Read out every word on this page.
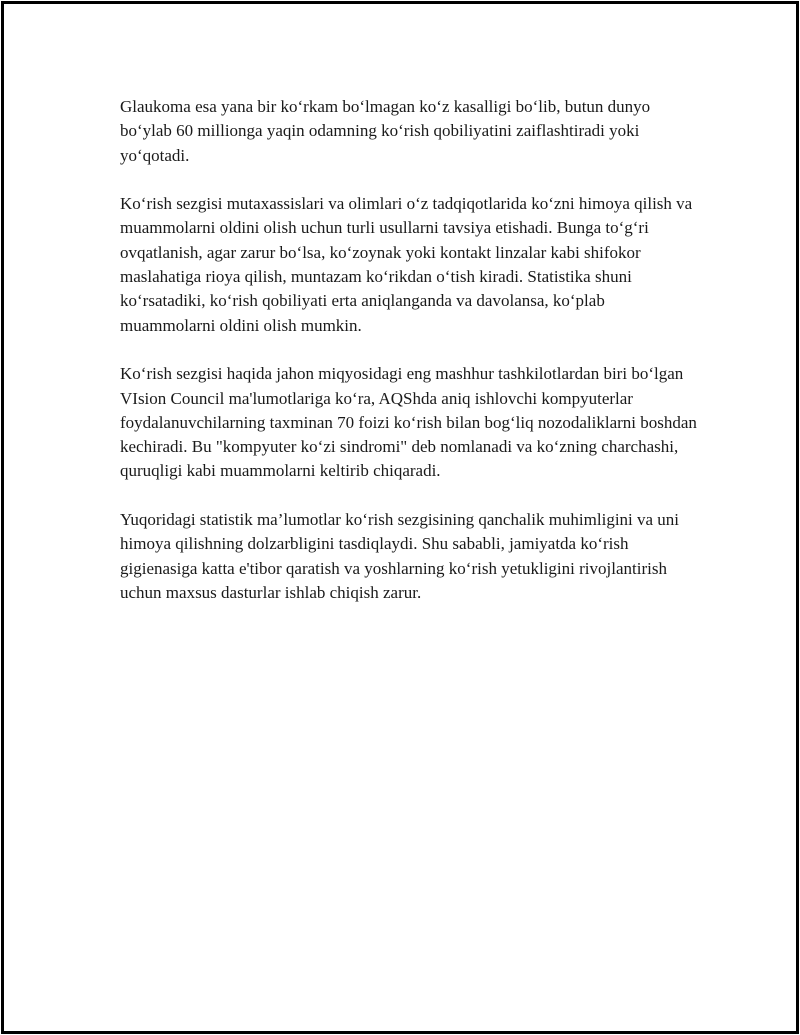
Glaukoma esa yana bir ko‘rkam bo‘lmagan ko‘z kasalligi bo‘lib, butun dunyo bo‘ylab 60 millionga yaqin odamning ko‘rish qobiliyatini zaiflashtiradi yoki yo‘qotadi.

Ko‘rish sezgisi mutaxassislari va olimlari o‘z tadqiqotlarida ko‘zni himoya qilish va muammolarni oldini olish uchun turli usullarni tavsiya etishadi. Bunga to‘g‘ri ovqatlanish, agar zarur bo‘lsa, ko‘zoynak yoki kontakt linzalar kabi shifokor maslahatiga rioya qilish, muntazam ko‘rikdan o‘tish kiradi. Statistika shuni ko‘rsatadiki, ko‘rish qobiliyati erta aniqlanganda va davolansa, ko‘plab muammolarni oldini olish mumkin.

Ko‘rish sezgisi haqida jahon miqyosidagi eng mashhur tashkilotlardan biri bo‘lgan VIsion Council ma'lumotlariga ko‘ra, AQShda aniq ishlovchi kompyuterlar foydalanuvchilarning taxminan 70 foizi ko‘rish bilan bog‘liq nozodaliklarni boshdan kechiradi. Bu "kompyuter ko‘zi sindromi" deb nomlanadi va ko‘zning charchashi, quruqligi kabi muammolarni keltirib chiqaradi.

Yuqoridagi statistik ma’lumotlar ko‘rish sezgisining qanchalik muhimligini va uni himoya qilishning dolzarbligini tasdiqlaydi. Shu sababli, jamiyatda ko‘rish gigienasiga katta e'tibor qaratish va yoshlarning ko‘rish yetukligini rivojlantirish uchun maxsus dasturlar ishlab chiqish zarur.
